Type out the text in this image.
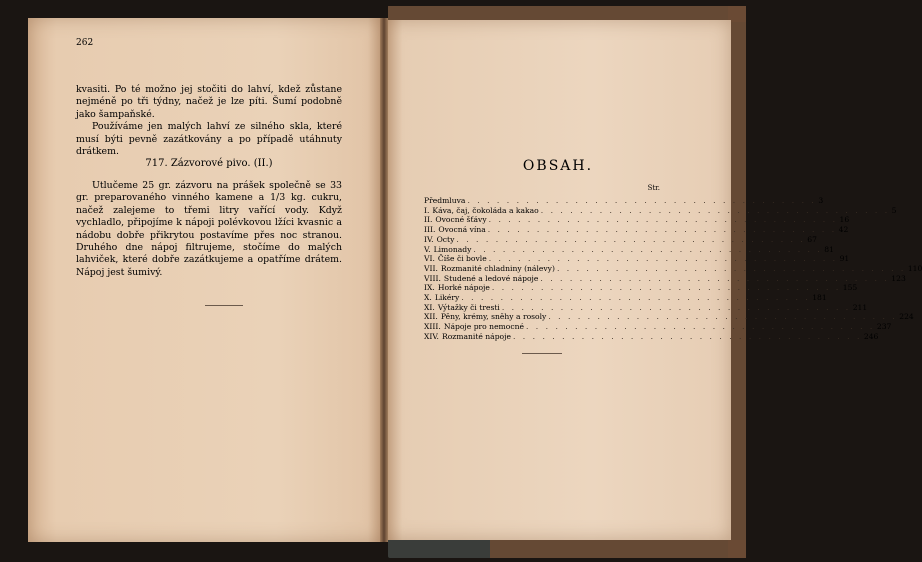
262

kvasiti. Po té možno jej stočiti do lahví, kdež zůstane nejméně po tři týdny, načež je lze píti. Šumí podobně jako šampaňské.

Používáme jen malých lahví ze silného skla, které musí býti pevně zazátkovány a po případě utáhnuty drátkem.

717. Zázvorové pivo. (II.)

Utlučeme 25 gr. zázvoru na prášek společně se 33 gr. preparovaného vinného kamene a 1/3 kg. cukru, načež zalejeme to třemi litry vařící vody. Když vychladlo, připojíme k nápoji polévkovou lžíci kvasnic a nádobu dobře přikrytou postavíme přes noc stranou. Druhého dne nápoj filtrujeme, stočíme do malých lahviček, které dobře zazátkujeme a opatříme drátem. Nápoj jest šumivý.

OBSAH.
Str.
Předmluva . . . . . . . . . . . . . . . . . . . . . . . . . . . . . . . . . . . . 3
I. Káva, čaj, čokoláda a kakao . . . . . . . . . . . . . . . . . . . . . . . . . . . . . . . . . . . . 5
II. Ovocné šťávy . . . . . . . . . . . . . . . . . . . . . . . . . . . . . . . . . . . . 16
III. Ovocná vína . . . . . . . . . . . . . . . . . . . . . . . . . . . . . . . . . . . . 42
IV. Octy . . . . . . . . . . . . . . . . . . . . . . . . . . . . . . . . . . . . 67
V. Limonady . . . . . . . . . . . . . . . . . . . . . . . . . . . . . . . . . . . . 81
VI. Číše či bovle . . . . . . . . . . . . . . . . . . . . . . . . . . . . . . . . . . . . 91
VII. Rozmanité chladniny (nálevy) . . . . . . . . . . . . . . . . . . . . . . . . . . . . . . . . . . . . 110
VIII. Studené a ledové nápoje . . . . . . . . . . . . . . . . . . . . . . . . . . . . . . . . . . . . 123
IX. Horké nápoje . . . . . . . . . . . . . . . . . . . . . . . . . . . . . . . . . . . . 155
X. Likéry . . . . . . . . . . . . . . . . . . . . . . . . . . . . . . . . . . . . 181
XI. Výtažky či tresti . . . . . . . . . . . . . . . . . . . . . . . . . . . . . . . . . . . . 211
XII. Pěny, krémy, sněhy a rosoly . . . . . . . . . . . . . . . . . . . . . . . . . . . . . . . . . . . . 224
XIII. Nápoje pro nemocné . . . . . . . . . . . . . . . . . . . . . . . . . . . . . . . . . . . . 237
XIV. Rozmanité nápoje . . . . . . . . . . . . . . . . . . . . . . . . . . . . . . . . . . . . 246
